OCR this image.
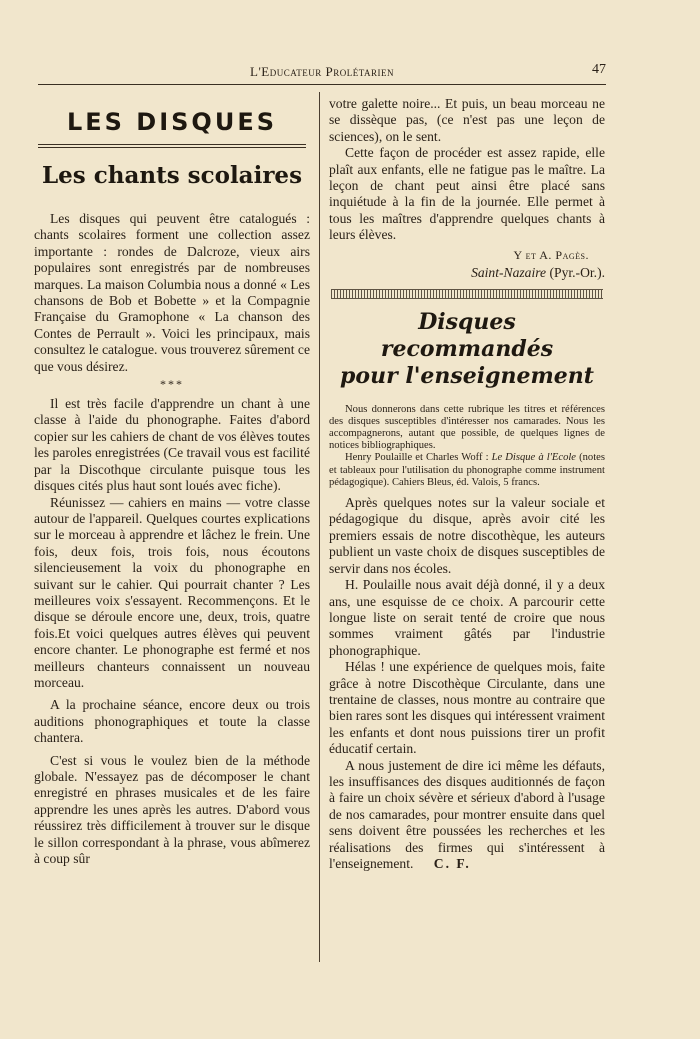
L'Educateur Prolétarien	47
LES DISQUES
Les chants scolaires

Les disques qui peuvent être catalogués : chants scolaires forment une collection assez importante : rondes de Dalcroze, vieux airs populaires sont enregistrés par de nombreuses marques. La maison Columbia nous a donné « Les chansons de Bob et Bobette » et la Compagnie Française du Gramophone « La chanson des Contes de Perrault ». Voici les principaux, mais consultez le catalogue. vous trouverez sûrement ce que vous désirez.

***

Il est très facile d'apprendre un chant à une classe à l'aide du phonographe. Faites d'abord copier sur les cahiers de chant de vos élèves toutes les paroles enregistrées (Ce travail vous est facilité par la Discothque circulante puisque tous les disques cités plus haut sont loués avec fiche).

Réunissez — cahiers en mains — votre classe autour de l'appareil. Quelques courtes explications sur le morceau à apprendre et lâchez le frein. Une fois, deux fois, trois fois, nous écoutons silencieusement la voix du phonographe en suivant sur le cahier. Qui pourrait chanter ? Les meilleures voix s'essayent. Recommençons. Et le disque se déroule encore une, deux, trois, quatre fois.Et voici quelques autres élèves qui peuvent encore chanter. Le phonographe est fermé et nos meilleurs chanteurs connaissent un nouveau morceau.

A la prochaine séance, encore deux ou trois auditions phonographiques et toute la classe chantera.

C'est si vous le voulez bien de la méthode globale. N'essayez pas de décomposer le chant enregistré en phrases musicales et de les faire apprendre les unes après les autres. D'abord vous réussirez très difficilement à trouver sur le disque le sillon correspondant à la phrase, vous abîmerez à coup sûr

votre galette noire... Et puis, un beau morceau ne se dissèque pas, (ce n'est pas une leçon de sciences), on le sent.

Cette façon de procéder est assez rapide, elle plaît aux enfants, elle ne fatigue pas le maître. La leçon de chant peut ainsi être placé sans inquiétude à la fin de la journée. Elle permet à tous les maîtres d'apprendre quelques chants à leurs élèves.

Y et A. Pagès.
Saint-Nazaire (Pyr.-Or.).
Disques recommandés
pour l'enseignement

Nous donnerons dans cette rubrique les titres et références des disques susceptibles d'intéresser nos camarades. Nous les accompagnerons, autant que possible, de quelques lignes de notices bibliographiques.

Henry Poulaille et Charles Woff : Le Disque à l'Ecole (notes et tableaux pour l'utilisation du phonographe comme instrument pédagogique). Cahiers Bleus, éd. Valois, 5 francs.

Après quelques notes sur la valeur sociale et pédagogique du disque, après avoir cité les premiers essais de notre discothèque, les auteurs publient un vaste choix de disques susceptibles de servir dans nos écoles.

H. Poulaille nous avait déjà donné, il y a deux ans, une esquisse de ce choix. A parcourir cette longue liste on serait tenté de croire que nous sommes vraiment gâtés par l'industrie phonographique.

Hélas ! une expérience de quelques mois, faite grâce à notre Discothèque Circulante, dans une trentaine de classes, nous montre au contraire que bien rares sont les disques qui intéressent vraiment les enfants et dont nous puissions tirer un profit éducatif certain.

A nous justement de dire ici même les défauts, les insuffisances des disques auditionnés de façon à faire un choix sévère et sérieux d'abord à l'usage de nos camarades, pour montrer ensuite dans quel sens doivent être poussées les recherches et les réalisations des firmes qui s'intéressent à l'enseignement. C. F.
